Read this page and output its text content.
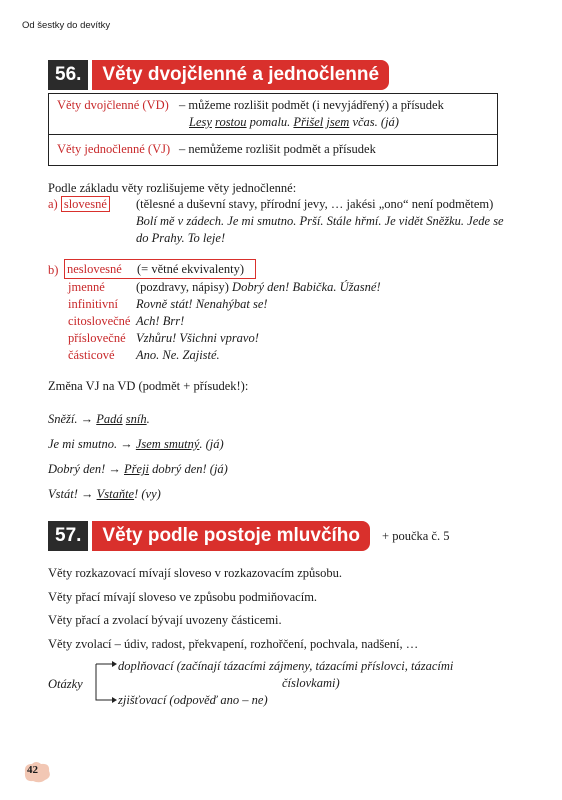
Od šestky do devítky
56.	Věty dvojčlenné a jednočlenné
Věty dvojčlenné (VD) – můžeme rozlišit podmět (i nevyjádřený) a přísudek
Lesy rostou pomalu. Přišel jsem včas. (já)
Věty jednočlenné (VJ) – nemůžeme rozlišit podmět a přísudek
Podle základu věty rozlišujeme věty jednočlenné:
a) slovesné (tělesné a duševní stavy, přírodní jevy, … jakési „ono“ není podmětem)
Bolí mě v zádech. Je mi smutno. Prší. Stále hřmí. Je vidět Sněžku. Jede se
do Prahy. To leje!
b) neslovesné (= větné ekvivalenty)
jmenné (pozdravy, nápisy) Dobrý den! Babička. Úžasné!
infinitivní Rovně stát! Nenahýbat se!
citoslovečné Ach! Brr!
příslovečné Vzhůru! Všichni vpravo!
částicové Ano. Ne. Zajisté.
Změna VJ na VD (podmět + přísudek!):
Sněží. → Padá sníh.
Je mi smutno. → Jsem smutný. (já)
Dobrý den! → Přeji dobrý den! (já)
Vstát! → Vstaňte! (vy)
57.	Věty podle postoje mluvčího	+ poučka č. 5
Věty rozkazovací mívají sloveso v rozkazovacím způsobu.
Věty přací mívají sloveso ve způsobu podmiňovacím.
Věty přací a zvolací bývají uvozeny částicemi.
Věty zvolací – údiv, radost, překvapení, rozhořčení, pochvala, nadšení, …
Otázky
doplňovací (začínají tázacími zájmeny, tázacími příslovci, tázacími
číslovkami)
zjišťovací (odpověď ano – ne)
42
